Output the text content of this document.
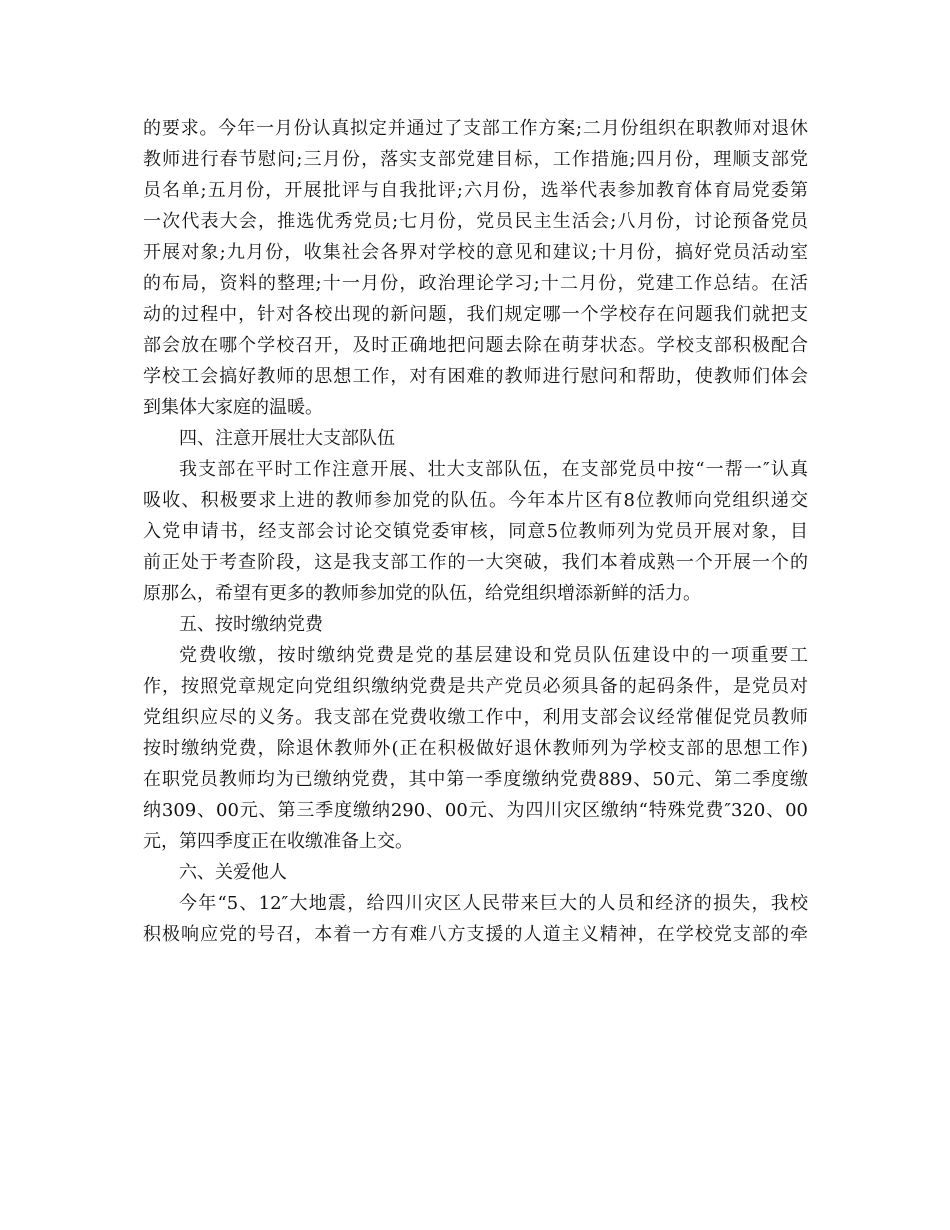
的要求。今年一月份认真拟定并通过了支部工作方案;二月份组织在职教师对退休
教师进行春节慰问;三月份，落实支部党建目标，工作措施;四月份，理顺支部党
员名单;五月份，开展批评与自我批评;六月份，选举代表参加教育体育局党委第
一次代表大会，推选优秀党员;七月份，党员民主生活会;八月份，讨论预备党员
开展对象;九月份，收集社会各界对学校的意见和建议;十月份，搞好党员活动室
的布局，资料的整理;十一月份，政治理论学习;十二月份，党建工作总结。在活
动的过程中，针对各校出现的新问题，我们规定哪一个学校存在问题我们就把支
部会放在哪个学校召开，及时正确地把问题去除在萌芽状态。学校支部积极配合
学校工会搞好教师的思想工作，对有困难的教师进行慰问和帮助，使教师们体会
到集体大家庭的温暖。

四、注意开展壮大支部队伍

我支部在平时工作注意开展、壮大支部队伍，在支部党员中按“一帮一″认真
吸收、积极要求上进的教师参加党的队伍。今年本片区有8位教师向党组织递交
入党申请书，经支部会讨论交镇党委审核，同意5位教师列为党员开展对象，目
前正处于考查阶段，这是我支部工作的一大突破，我们本着成熟一个开展一个的
原那么，希望有更多的教师参加党的队伍，给党组织增添新鲜的活力。

五、按时缴纳党费

党费收缴，按时缴纳党费是党的基层建设和党员队伍建设中的一项重要工
作，按照党章规定向党组织缴纳党费是共产党员必须具备的起码条件，是党员对
党组织应尽的义务。我支部在党费收缴工作中，利用支部会议经常催促党员教师
按时缴纳党费，除退休教师外(正在积极做好退休教师列为学校支部的思想工作)
在职党员教师均为已缴纳党费，其中第一季度缴纳党费889、50元、第二季度缴
纳309、00元、第三季度缴纳290、00元、为四川灾区缴纳“特殊党费″320、00
元，第四季度正在收缴准备上交。

六、关爱他人

今年“5、12″大地震，给四川灾区人民带来巨大的人员和经济的损失，我校
积极响应党的号召，本着一方有难八方支援的人道主义精神，在学校党支部的牵
